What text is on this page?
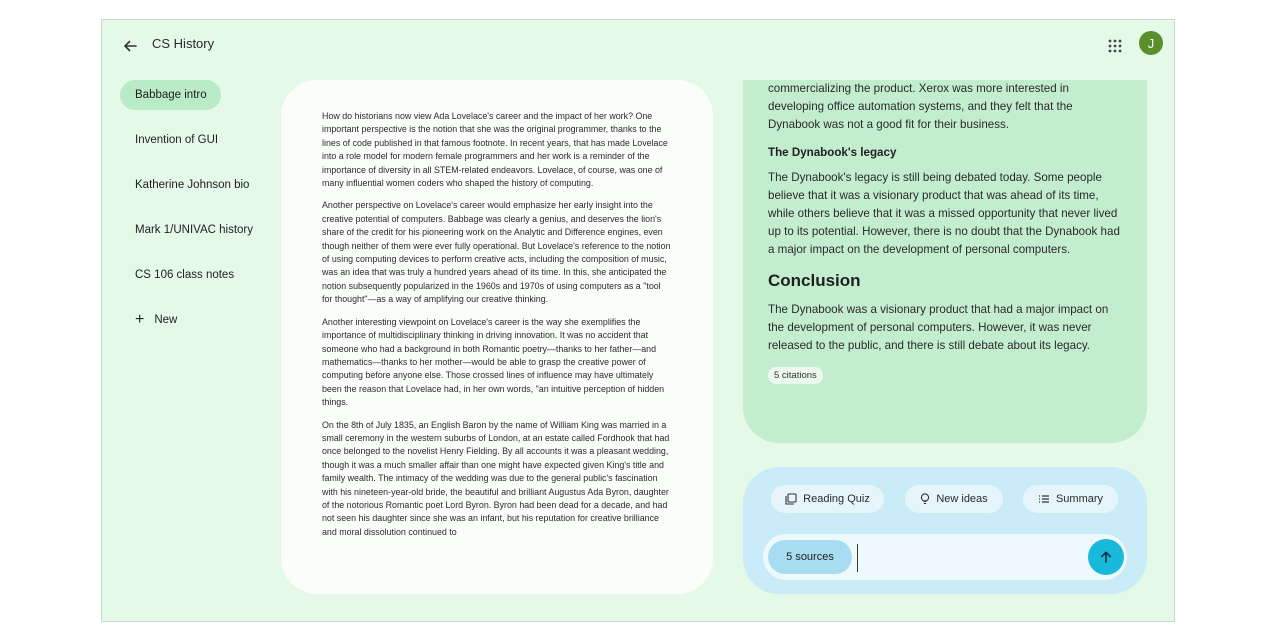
CS History	J
Babbage intro
Invention of GUI
Katherine Johnson bio
Mark 1/UNIVAC history
CS 106 class notes
+ New

How do historians now view Ada Lovelace's career and the impact of her work? One important perspective is the notion that she was the original programmer, thanks to the lines of code published in that famous footnote. In recent years, that has made Lovelace into a role model for modern female programmers and her work is a reminder of the importance of diversity in all STEM-related endeavors. Lovelace, of course, was one of many influential women coders who shaped the history of computing.

Another perspective on Lovelace's career would emphasize her early insight into the creative potential of computers. Babbage was clearly a genius, and deserves the lion's share of the credit for his pioneering work on the Analytic and Difference engines, even though neither of them were ever fully operational. But Lovelace's reference to the notion of using computing devices to perform creative acts, including the composition of music, was an idea that was truly a hundred years ahead of its time. In this, she anticipated the notion subsequently popularized in the 1960s and 1970s of using computers as a "tool for thought"—as a way of amplifying our creative thinking.

Another interesting viewpoint on Lovelace's career is the way she exemplifies the importance of multidisciplinary thinking in driving innovation. It was no accident that someone who had a background in both Romantic poetry—thanks to her father—and mathematics—thanks to her mother—would be able to grasp the creative power of computing before anyone else. Those crossed lines of influence may have ultimately been the reason that Lovelace had, in her own words, "an intuitive perception of hidden things.

On the 8th of July 1835, an English Baron by the name of William King was married in a small ceremony in the western suburbs of London, at an estate called Fordhook that had once belonged to the novelist Henry Fielding. By all accounts it was a pleasant wedding, though it was a much smaller affair than one might have expected given King's title and family wealth. The intimacy of the wedding was due to the general public's fascination with his nineteen-year-old bride, the beautiful and brilliant Augustus Ada Byron, daughter of the notorious Romantic poet Lord Byron. Byron had been dead for a decade, and had not seen his daughter since she was an infant, but his reputation for creative brilliance and moral dissolution continued to

commercializing the product. Xerox was more interested in developing office automation systems, and they felt that the Dynabook was not a good fit for their business.

The Dynabook's legacy

The Dynabook's legacy is still being debated today. Some people believe that it was a visionary product that was ahead of its time, while others believe that it was a missed opportunity that never lived up to its potential. However, there is no doubt that the Dynabook had a major impact on the development of personal computers.

Conclusion

The Dynabook was a visionary product that had a major impact on the development of personal computers. However, it was never released to the public, and there is still debate about its legacy.

5 citations
Reading Quiz	New ideas	Summary
5 sources
